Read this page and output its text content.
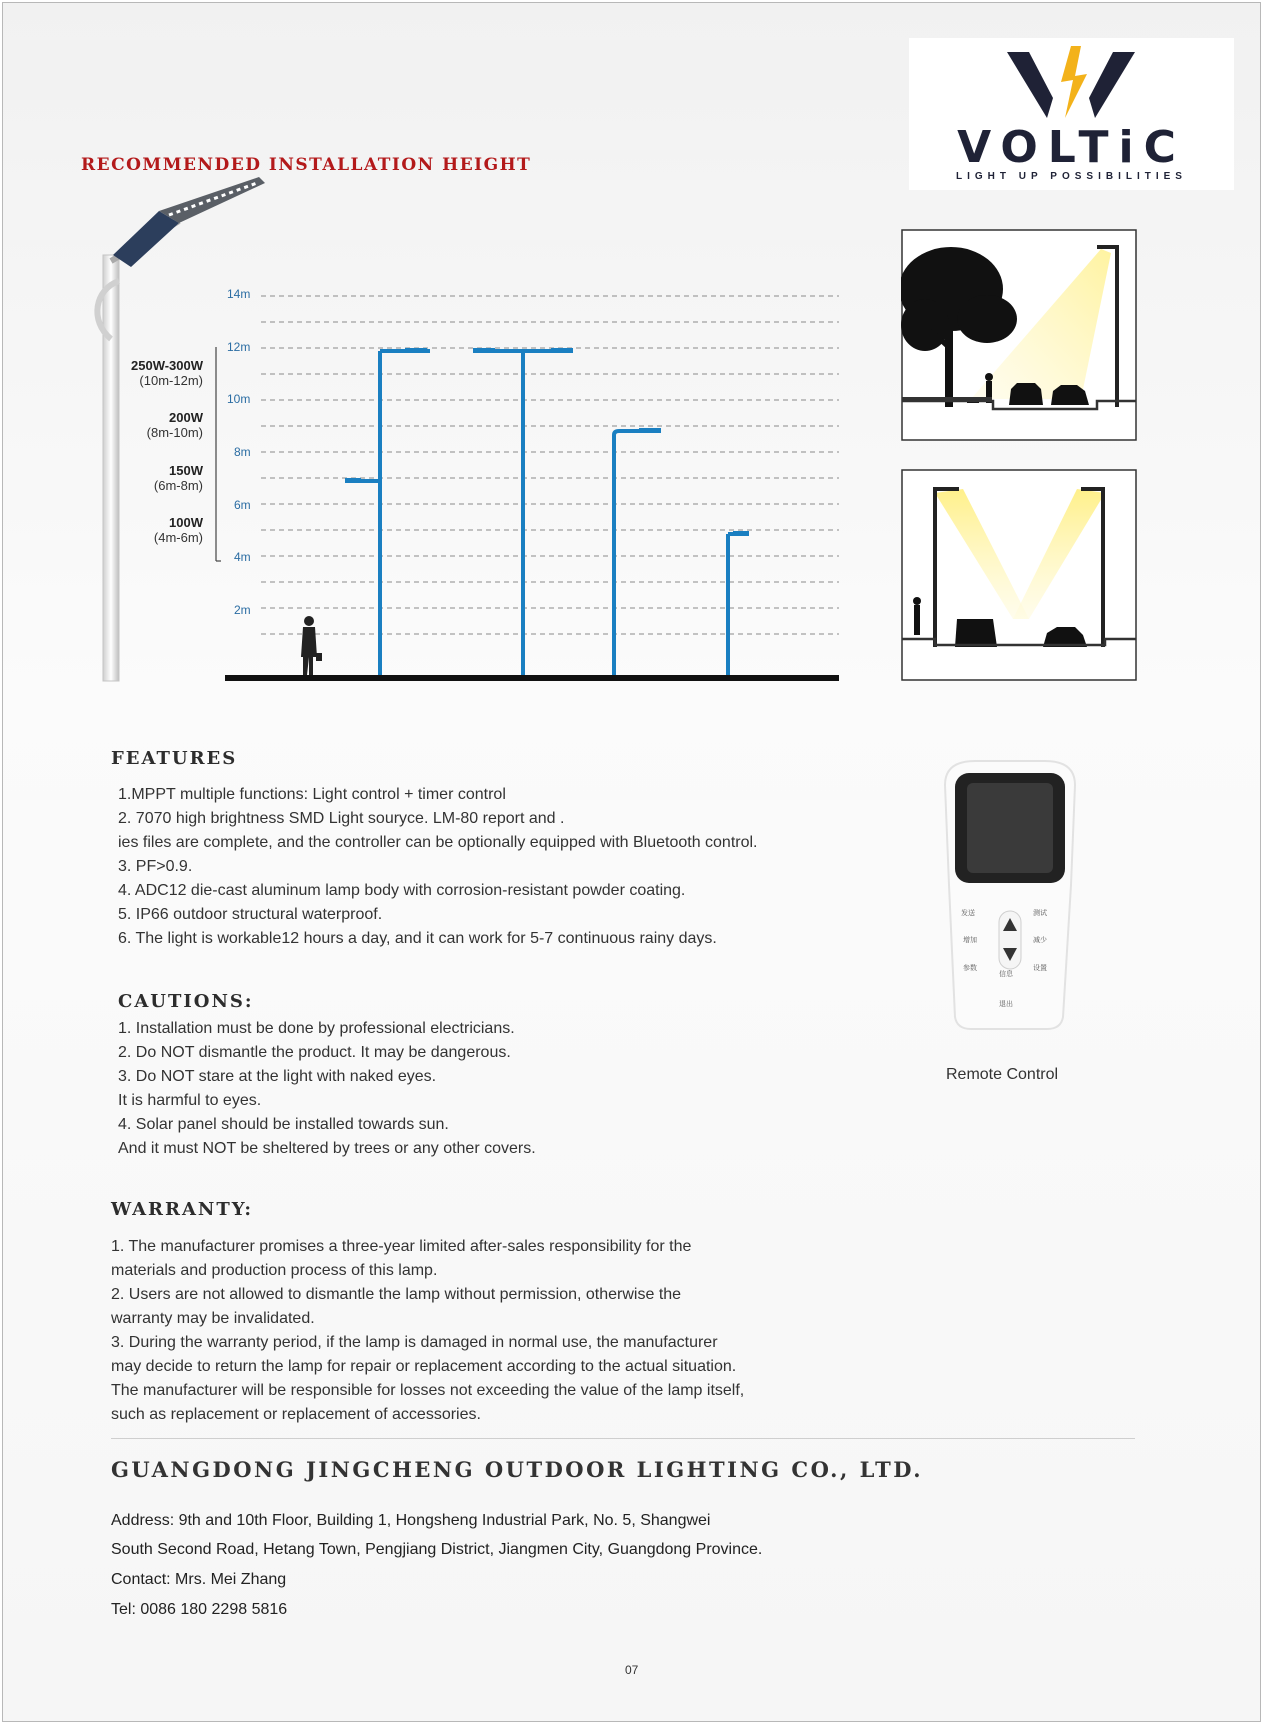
VOLTiC
LIGHT UP POSSIBILITIES
RECOMMENDED INSTALLATION HEIGHT
250W-300W
(10m-12m)
200W
(8m-10m)
150W
(6m-8m)
100W
(4m-6m)
14m
12m
10m
8m
6m
4m
2m
FEATURES
1.MPPT multiple functions: Light control + timer control
2. 7070 high brightness SMD Light sourуce. LM-80 report and .
ies files are complete, and the controller can be optionally equipped with Bluetooth control.
3. PF>0.9.
4. ADC12 die-cast aluminum lamp body with corrosion-resistant powder coating.
5. IP66 outdoor structural waterproof.
6. The light is workable12 hours a day, and it can work for 5-7 continuous rainy days.
发送	测试
增加	减少
参数
信息
设置
退出
Remote Control
CAUTIONS:
1. Installation must be done by professional electricians.
2. Do NOT dismantle the product. It may be dangerous.
3. Do NOT stare at the light with naked eyes.
It is harmful to eyes.
4. Solar panel should be installed towards sun.
And it must NOT be sheltered by trees or any other covers.
WARRANTY:
1. The manufacturer promises a three-year limited after-sales responsibility for the
materials and production process of this lamp.
2. Users are not allowed to dismantle the lamp without permission, otherwise the
warranty may be invalidated.
3. During the warranty period, if the lamp is damaged in normal use, the manufacturer
may decide to return the lamp for repair or replacement according to the actual situation.
The manufacturer will be responsible for losses not exceeding the value of the lamp itself,
such as replacement or replacement of accessories.
GUANGDONG JINGCHENG OUTDOOR LIGHTING CO., LTD.
Address: 9th and 10th Floor, Building 1, Hongsheng Industrial Park, No. 5, Shangwei
South Second Road, Hetang Town, Pengjiang District, Jiangmen City, Guangdong Province.
Contact: Mrs. Mei Zhang
Tel: 0086 180 2298 5816
07
